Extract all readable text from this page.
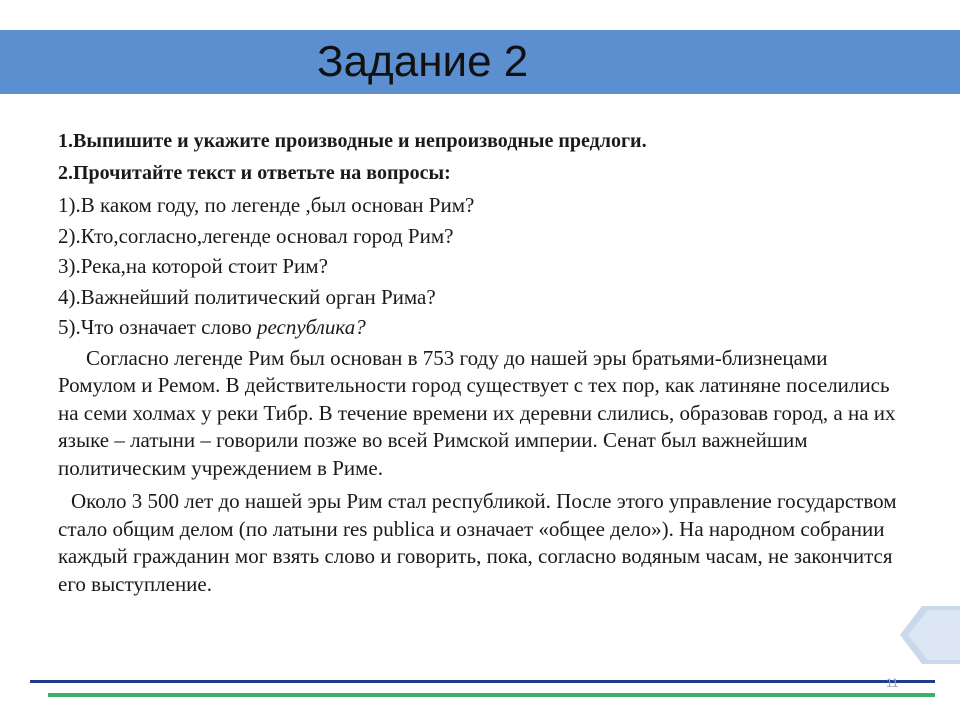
Задание 2

1.Выпишите и укажите производные и непроизводные предлоги.

2.Прочитайте текст и ответьте на вопросы:

1).В каком году, по легенде ,был основан Рим?

2).Кто,согласно,легенде основал город Рим?

3).Река,на которой стоит Рим?

4).Важнейший политический орган Рима?

5).Что означает слово республика?

Согласно легенде Рим был основан в 753 году до нашей эры братьями-близнецами Ромулом и Ремом. В действительности город существует с тех пор, как латиняне поселились на семи холмах у реки Тибр. В течение времени их деревни слились, образовав город, а на их языке – латыни – говорили позже во всей Римской империи. Сенат был важнейшим политическим учреждением в Риме.

Около 3 500 лет до нашей эры Рим стал республикой. После этого управление государством стало общим делом (по латыни res publica и означает «общее дело»). На народном собрании каждый гражданин мог взять слово и говорить, пока, согласно водяным часам, не закончится его выступление.

11
